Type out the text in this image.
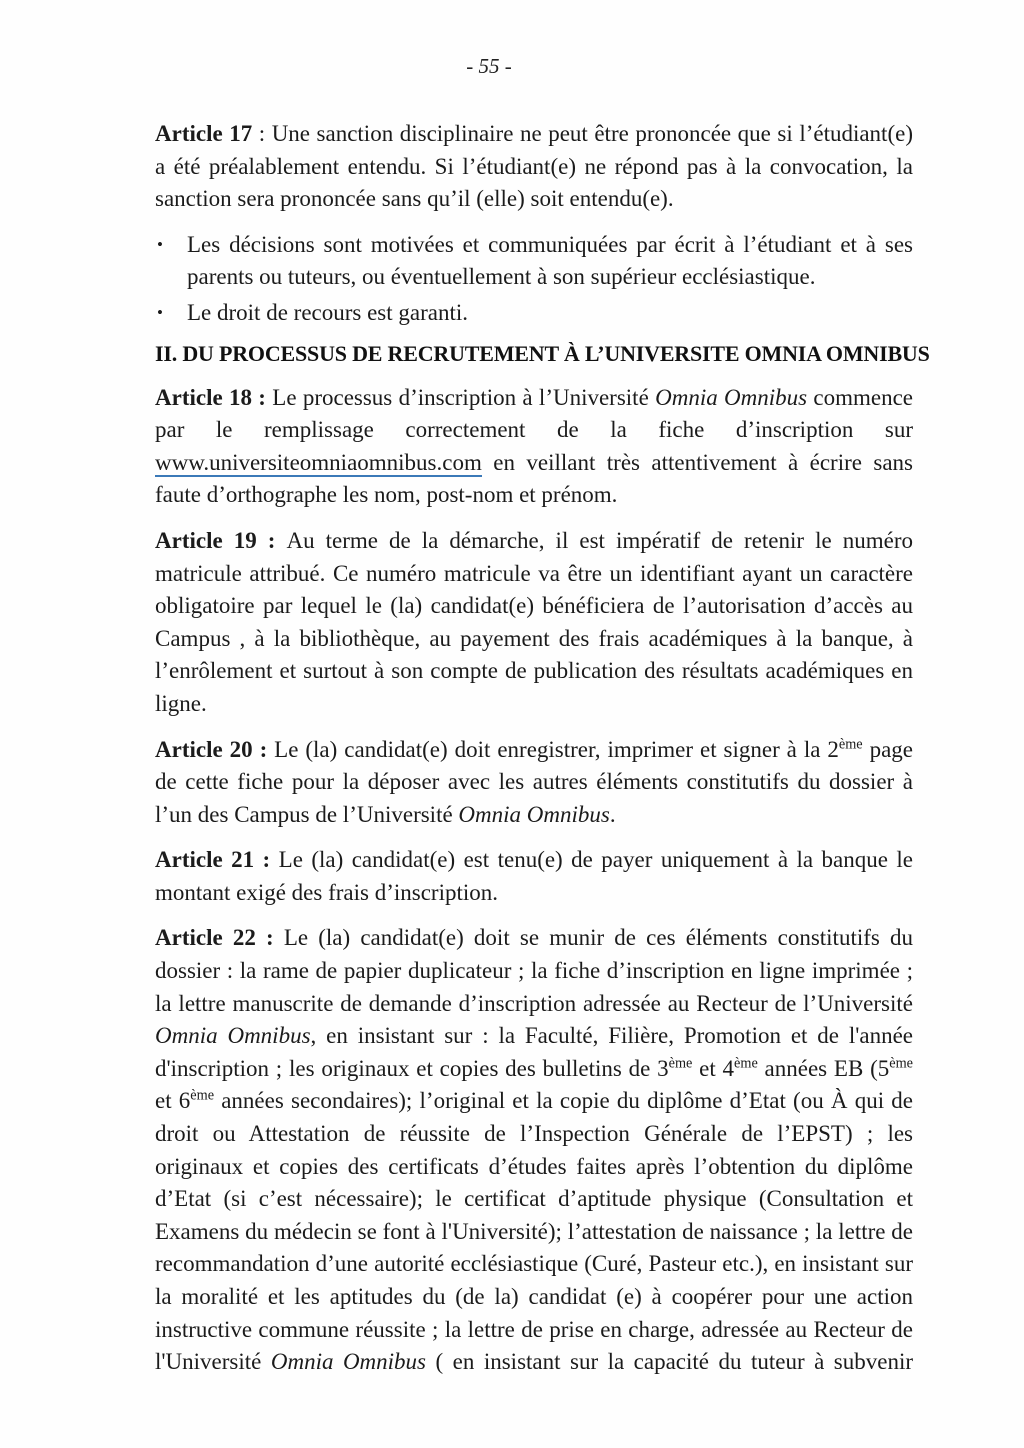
- 55 -

Article 17 : Une sanction disciplinaire ne peut être prononcée que si l’étudiant(e) a été préalablement entendu. Si l’étudiant(e) ne répond pas à la convocation, la sanction sera prononcée sans qu’il (elle) soit entendu(e).

•	Les décisions sont motivées et communiquées par écrit à l’étudiant et à ses parents ou tuteurs, ou éventuellement à son supérieur ecclésiastique.
•	Le droit de recours est garanti.
II. DU PROCESSUS DE RECRUTEMENT À L’UNIVERSITE OMNIA OMNIBUS

Article 18 : Le processus d’inscription à l’Université Omnia Omnibus commence par le remplissage correctement de la fiche d’inscription sur www.universiteomniaomnibus.com en veillant très attentivement à écrire sans faute d’orthographe les nom, post-nom et prénom.

Article 19 : Au terme de la démarche, il est impératif de retenir le numéro matricule attribué. Ce numéro matricule va être un identifiant ayant un caractère obligatoire par lequel le (la) candidat(e) bénéficiera de l’autorisation d’accès au Campus , à la bibliothèque, au payement des frais académiques à la banque, à l’enrôlement et surtout à son compte de publication des résultats académiques en ligne.

Article 20 : Le (la) candidat(e) doit enregistrer, imprimer et signer à la 2ème page de cette fiche pour la déposer avec les autres éléments constitutifs du dossier à l’un des Campus de l’Université Omnia Omnibus.

Article 21 : Le (la) candidat(e) est tenu(e) de payer uniquement à la banque le montant exigé des frais d’inscription.

Article 22 : Le (la) candidat(e) doit se munir de ces éléments constitutifs du dossier : la rame de papier duplicateur ; la fiche d’inscription en ligne imprimée ; la lettre manuscrite de demande d’inscription adressée au Recteur de l’Université Omnia Omnibus, en insistant sur : la Faculté, Filière, Promotion et de l'année d'inscription ; les originaux et copies des bulletins de 3ème et 4ème années EB (5ème et 6ème années secondaires); l’original et la copie du diplôme d’Etat (ou À qui de droit ou Attestation de réussite de l’Inspection Générale de l’EPST) ; les originaux et copies des certificats d’études faites après l’obtention du diplôme d’Etat (si c’est nécessaire); le certificat d’aptitude physique (Consultation et Examens du médecin se font à l'Université); l’attestation de naissance ; la lettre de recommandation d’une autorité ecclésiastique (Curé, Pasteur etc.), en insistant sur la moralité et les aptitudes du (de la) candidat (e) à coopérer pour une action instructive commune réussite ; la lettre de prise en charge, adressée au Recteur de l'Université Omnia Omnibus ( en insistant sur la capacité du tuteur à subvenir
